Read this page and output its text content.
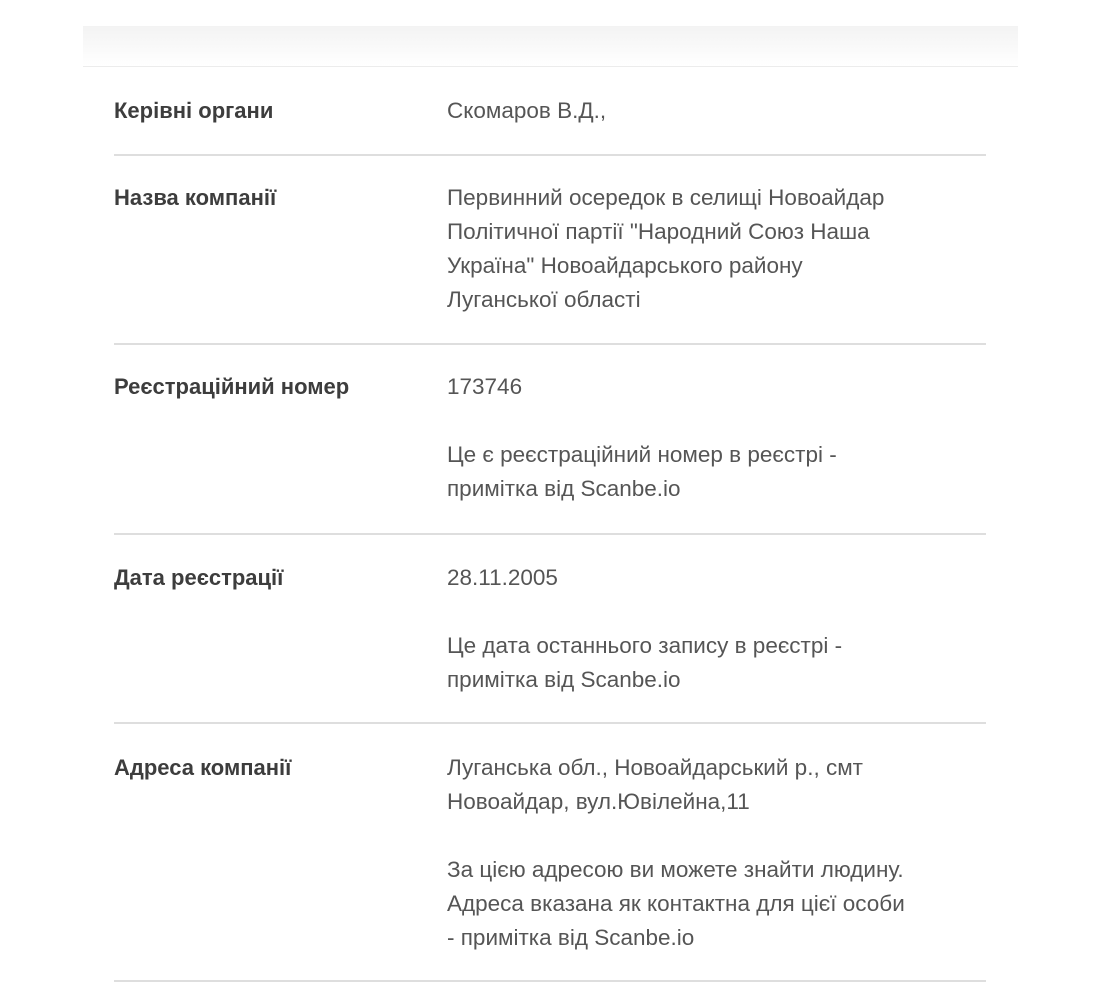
Керівні органи	Скомаров В.Д.,

Назва компанії	Первинний осередок в селищі Новоайдар

Політичної партії "Народний Союз Наша

Україна" Новоайдарського району

Луганської області

Реєстраційний номер	173746

Це є реєстраційний номер в реєстрі -

примітка від Scanbe.io

Дата реєстрації	28.11.2005

Це дата останнього запису в реєстрі -

примітка від Scanbe.io

Адреса компанії	Луганська обл., Новоайдарський р., смт

Новоайдар, вул.Ювілейна,11

За цією адресою ви можете знайти людину.

Адреса вказана як контактна для цієї особи

- примітка від Scanbe.io
